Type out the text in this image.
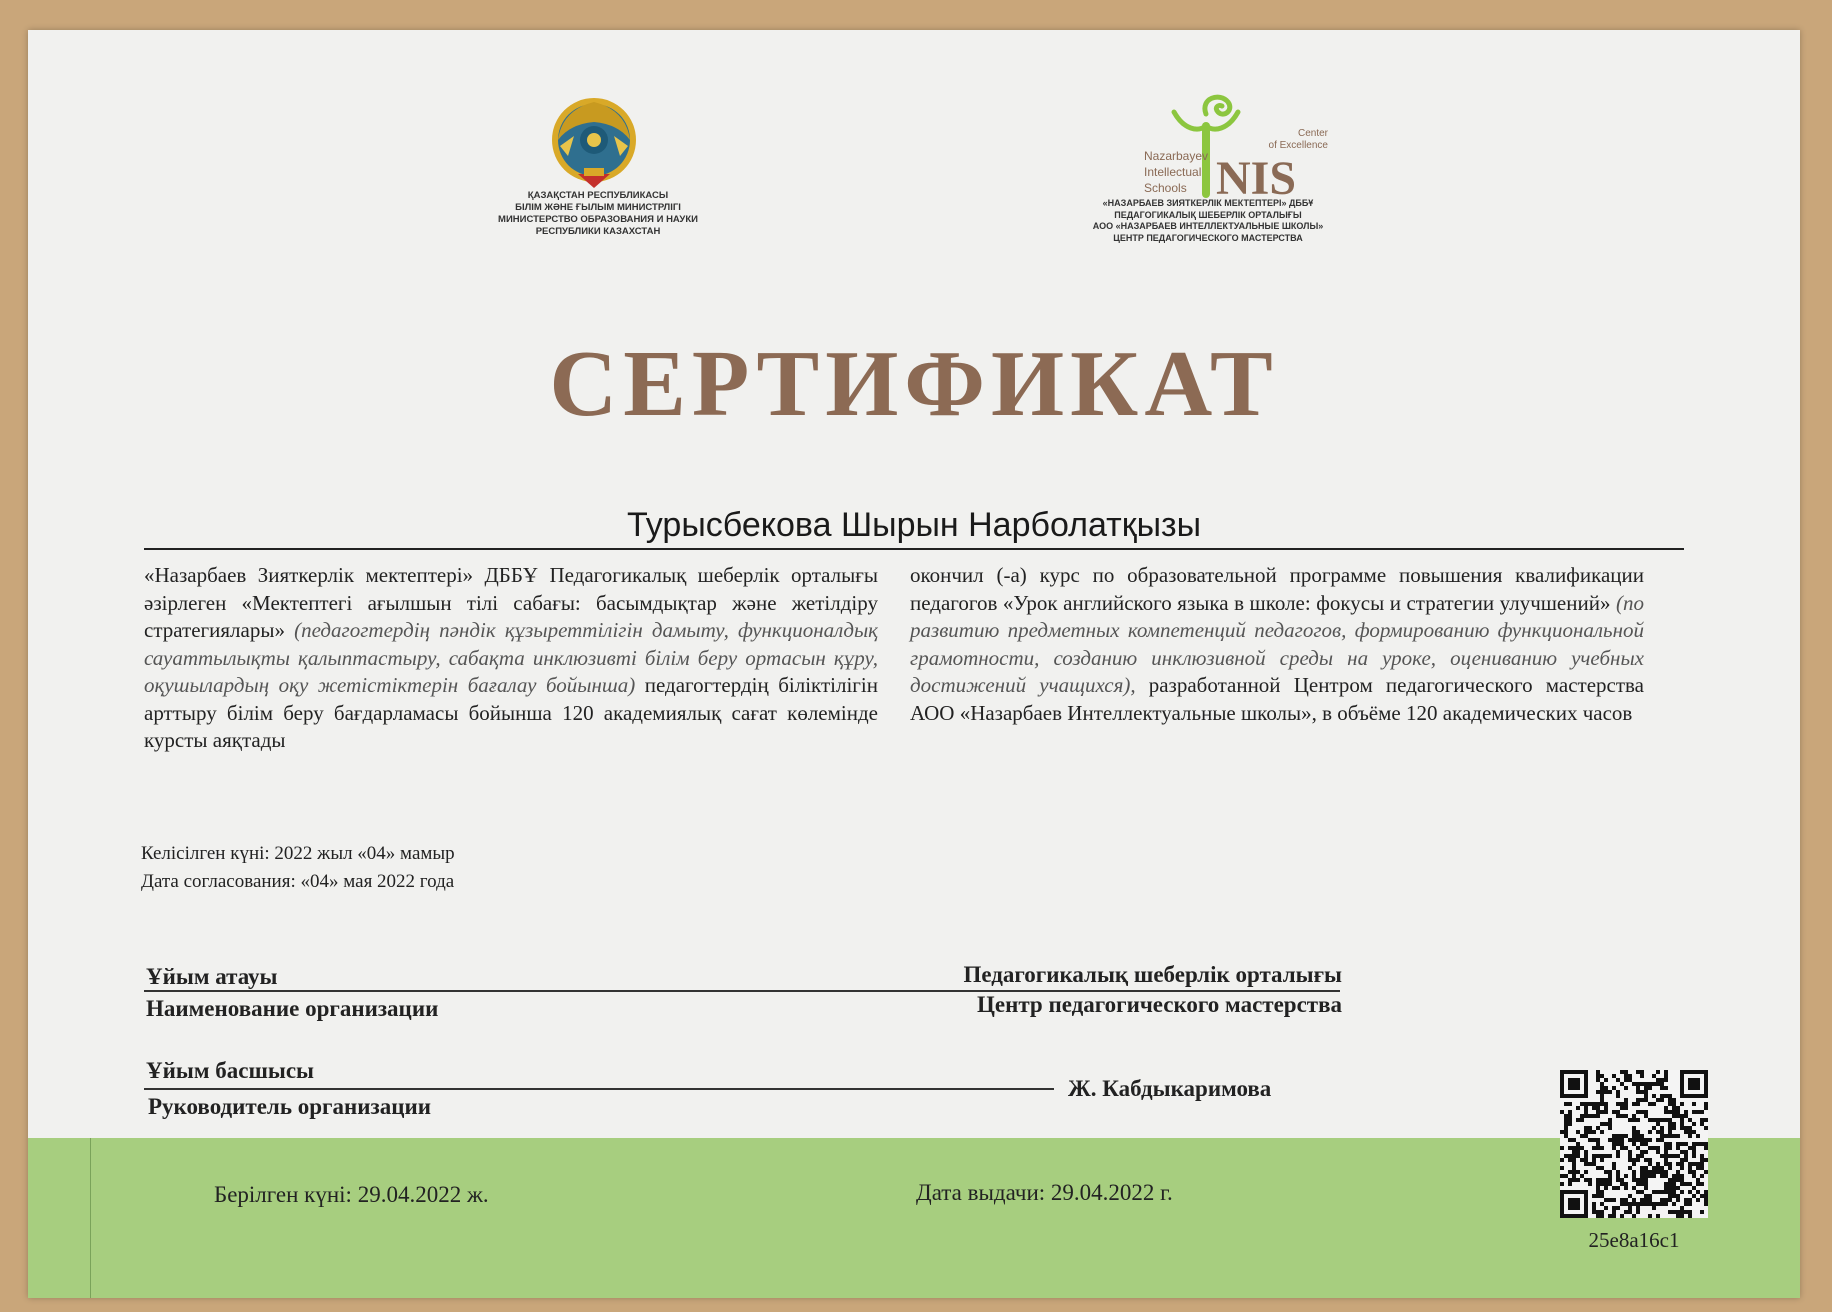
ҚАЗАҚСТАН РЕСПУБЛИКАСЫ
БІЛІМ ЖӘНЕ ҒЫЛЫМ МИНИСТРЛІГІ
МИНИСТЕРСТВО ОБРАЗОВАНИЯ И НАУКИ
РЕСПУБЛИКИ КАЗАХСТАН
Nazarbayev
Intellectual
Schools
Center
of Excellence
NIS
«НАЗАРБАЕВ ЗИЯТКЕРЛІК МЕКТЕПТЕРІ» ДББҰ
ПЕДАГОГИКАЛЫҚ ШЕБЕРЛІК ОРТАЛЫҒЫ
АОО «НАЗАРБАЕВ ИНТЕЛЛЕКТУАЛЬНЫЕ ШКОЛЫ»
ЦЕНТР ПЕДАГОГИЧЕСКОГО МАСТЕРСТВА
СЕРТИФИКАТ
Турысбекова Шырын Нарболатқызы
«Назарбаев Зияткерлік мектептері» ДББҰ Педагогикалық шеберлік орталығы әзірлеген «Мектептегі ағылшын тілі сабағы: басымдықтар және жетілдіру стратегиялары» (педагогтердің пәндік құзыреттілігін дамыту, функционалдық сауаттылықты қалыптастыру, сабақта инклюзивті білім беру ортасын құру, оқушылардың оқу жетістіктерін бағалау бойынша) педагогтердің біліктілігін арттыру білім беру бағдарламасы бойынша 120 академиялық сағат көлемінде курсты аяқтады
окончил (-а) курс по образовательной программе повышения квалификации педагогов «Урок английского языка в школе: фокусы и стратегии улучшений» (по развитию предметных компетенций педагогов, формированию функциональной грамотности, созданию инклюзивной среды на уроке, оцениванию учебных достижений учащихся), разработанной Центром педагогического мастерства АОО «Назарбаев Интеллектуальные школы», в объёме 120 академических часов
Келісілген күні: 2022 жыл «04» мамыр
Дата согласования: «04» мая 2022 года
Ұйым атауы
Наименование организации
Педагогикалық шеберлік орталығы
Центр педагогического мастерства
Ұйым басшысы
Руководитель организации
Ж. Кабдыкаримова
Берілген күні: 29.04.2022 ж.	Дата выдачи: 29.04.2022 г.
25e8a16c1
